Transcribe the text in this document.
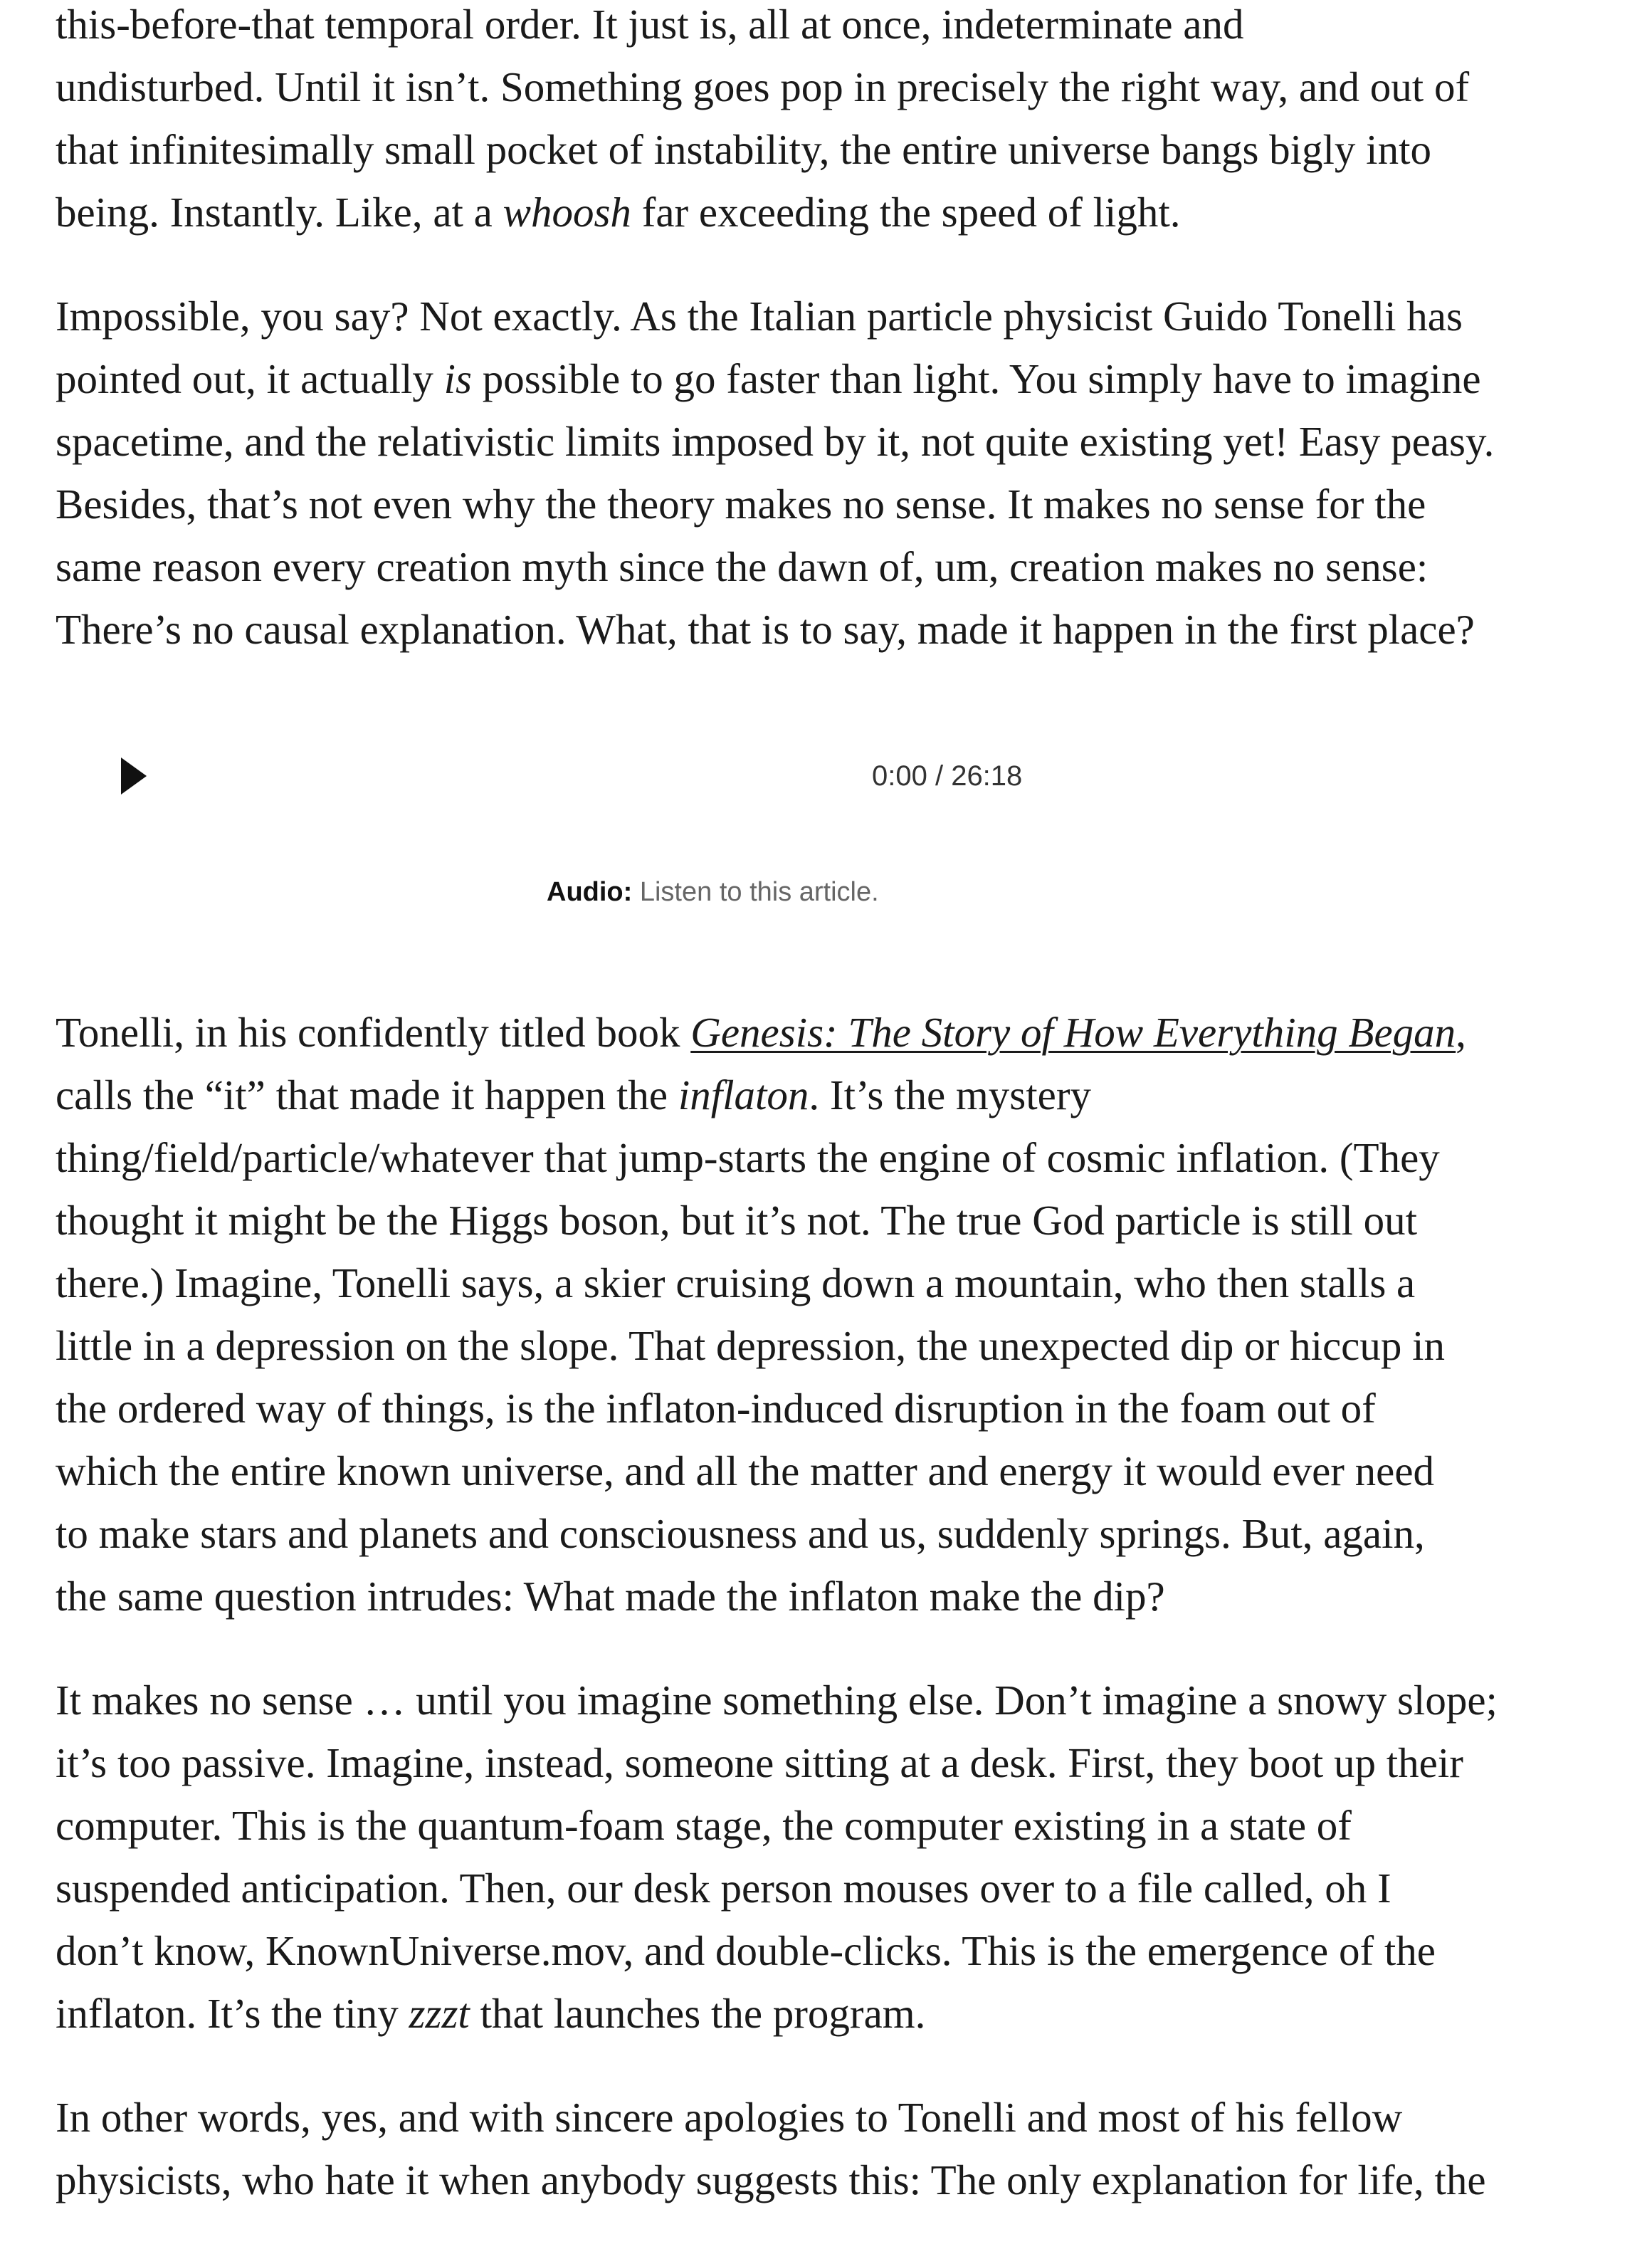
this-before-that temporal order. It just is, all at once, indeterminate and
undisturbed. Until it isn’t. Something goes pop in precisely the right way, and out of
that infinitesimally small pocket of instability, the entire universe bangs bigly into
being. Instantly. Like, at a whoosh far exceeding the speed of light.

Impossible, you say? Not exactly. As the Italian particle physicist Guido Tonelli has
pointed out, it actually is possible to go faster than light. You simply have to imagine
spacetime, and the relativistic limits imposed by it, not quite existing yet! Easy peasy.
Besides, that’s not even why the theory makes no sense. It makes no sense for the
same reason every creation myth since the dawn of, um, creation makes no sense:
There’s no causal explanation. What, that is to say, made it happen in the first place?

Tonelli, in his confidently titled book Genesis: The Story of How Everything Began,
calls the “it” that made it happen the inflaton. It’s the mystery
thing/field/particle/whatever that jump-starts the engine of cosmic inflation. (They
thought it might be the Higgs boson, but it’s not. The true God particle is still out
there.) Imagine, Tonelli says, a skier cruising down a mountain, who then stalls a
little in a depression on the slope. That depression, the unexpected dip or hiccup in
the ordered way of things, is the inflaton-induced disruption in the foam out of
which the entire known universe, and all the matter and energy it would ever need
to make stars and planets and consciousness and us, suddenly springs. But, again,
the same question intrudes: What made the inflaton make the dip?

It makes no sense … until you imagine something else. Don’t imagine a snowy slope;
it’s too passive. Imagine, instead, someone sitting at a desk. First, they boot up their
computer. This is the quantum-foam stage, the computer existing in a state of
suspended anticipation. Then, our desk person mouses over to a file called, oh I
don’t know, KnownUniverse.mov, and double-clicks. This is the emergence of the
inflaton. It’s the tiny zzzt that launches the program.

In other words, yes, and with sincere apologies to Tonelli and most of his fellow
physicists, who hate it when anybody suggests this: The only explanation for life, the

0:00 / 26:18
Audio: Listen to this article.
